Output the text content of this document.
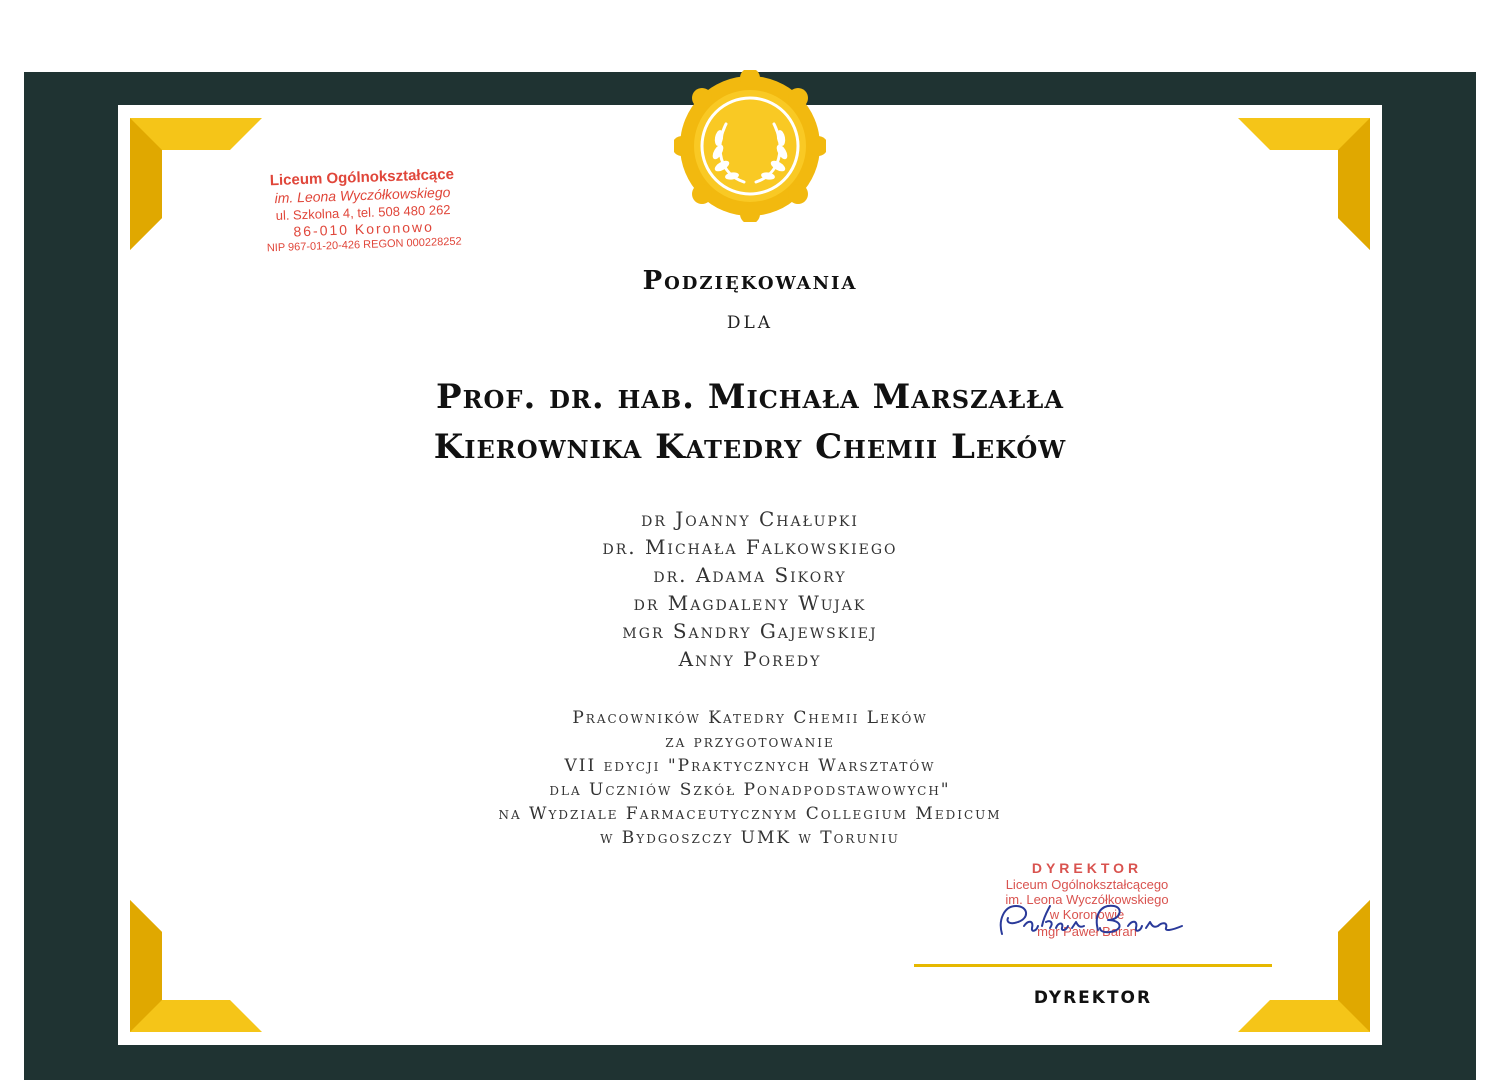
Liceum Ogólnokształcące
im. Leona Wyczółkowskiego
ul. Szkolna 4, tel. 508 480 262
86-010 Koronowo
NIP 967-01-20-426 REGON 000228252
Podziękowania
dla
Prof. dr. hab. Michała Marszałła
Kierownika Katedry Chemii Leków
dr Joanny Chałupki
dr. Michała Falkowskiego
dr. Adama Sikory
dr Magdaleny Wujak
mgr Sandry Gajewskiej
Anny Poredy
Pracowników Katedry Chemii Leków
za przygotowanie
VII edycji "Praktycznych Warsztatów
dla Uczniów Szkół Ponadpodstawowych"
na Wydziale Farmaceutycznym Collegium Medicum
w Bydgoszczy UMK w Toruniu
DYREKTOR
Liceum Ogólnokształcącego
im. Leona Wyczółkowskiego
w Koronowie
mgr Paweł Baran
DYREKTOR
